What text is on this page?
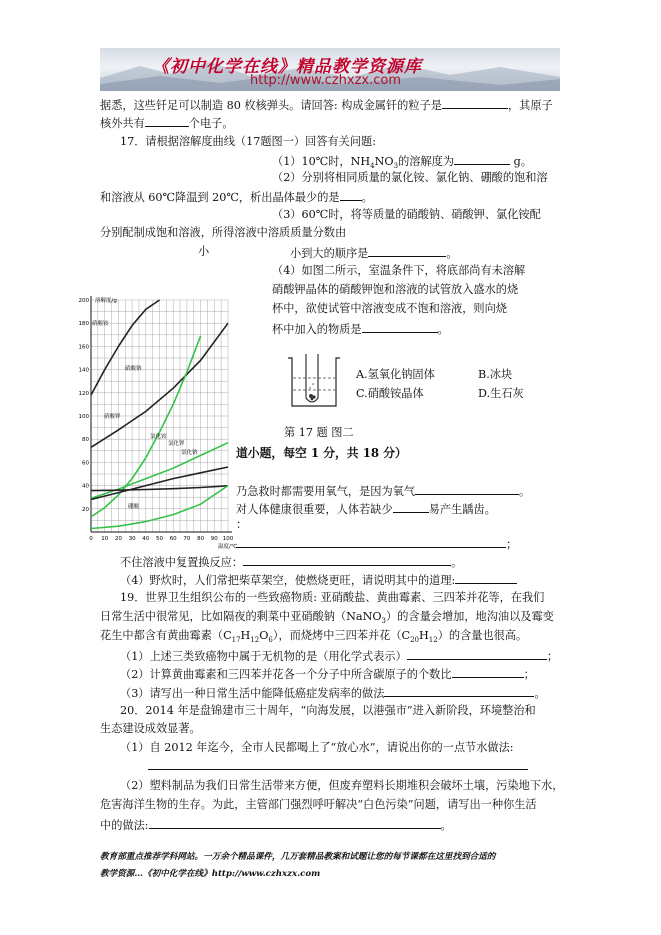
《初中化学在线》精品教学资源库
http://www.czhxzx.com
据悉，这些钎足可以制造 80 枚核弹头。请回答: 构成金属钎的粒子是	，其原子
核外共有	个电子。
17．请根据溶解度曲线（17题图一）回答有关问题:
（1）10℃时，$NH_4NO_3$的溶解度为	g。
（2）分别将相同质量的氯化铵、氯化钠、硼酸的饱和溶
和溶液从 60℃降温到 20℃，析出晶体最少的是 。
（3）60℃时，将等质量的硝酸钠、硝酸钾、氯化铵配
分别配制成饱和溶液，所得溶液中溶质质量分数由
小	小到大的顺序是	。
（4）如图二所示，室温条件下，将底部尚有未溶解
硝酸钾晶体的硝酸钾饱和溶液的试管放入盛水的烧
杯中，欲使试管中溶液变成不饱和溶液，则向烧
杯中加入的物质是	。
A.氢氧化钠固体	B.冰块
C.硝酸铵晶体	D.生石灰
第 17 题 图二
20
40
60
80
100
120
140
160
180
200
0 10 20 30 40 50 60 70 80 90 100
溶解度/g
温度/℃
硝酸钠
硝酸铵
硝酸钾
氯化铵
氯化钾
氯化钠
硼酸
道小题，每空 1 分，共 18 分）
乃急救时都需要用氧气，是因为氧气	。
对人体健康很重要，人体若缺少	易产生龋齿。
：
；
不住溶液中复置换反应：	。
（4）野炊时，人们常把柴草架空，使燃烧更旺，请说明其中的道理:
19．世界卫生组织公布的一些致癌物质: 亚硝酸盐、黄曲霉素、三四苯并花等，在我们
日常生活中很常见，比如隔夜的剩菜中亚硝酸钠（NaNO$_3$）的含量会增加，地沟油以及霉变
花生中都含有黄曲霉素$(C_{17}H_{12}O_6)$，而烧烤中三四苯并花$(C_{20}H_{12})$的含量也很高。
（1）上述三类致癌物中属于无机物的是（用化学式表示）	；
（2）计算黄曲霉素和三四苯并花各一个分子中所含碳原子的个数比	；
（3）请写出一种日常生活中能降低癌症发病率的做法	。
20．2014 年是盘锦建市三十周年，“向海发展，以港强市”进入新阶段，环境整治和
生态建设成效显著。
（1）自 2012 年迄今，全市人民都喝上了“放心水”，请说出你的一点节水做法:
（2）塑料制品为我们日常生活带来方便，但废弃塑料长期堆积会破坏土壤，污染地下水，
危害海洋生物的生存。为此，主管部门强烈呼吁解决“白色污染”问题，请写出一种你生活
中的做法:	。
教育部重点推荐学科网站。一万余个精品课件，几万套精品教案和试题让您的每节课都在这里找到合适的
教学资源…《初中化学在线》http://www.czhxzx.com
